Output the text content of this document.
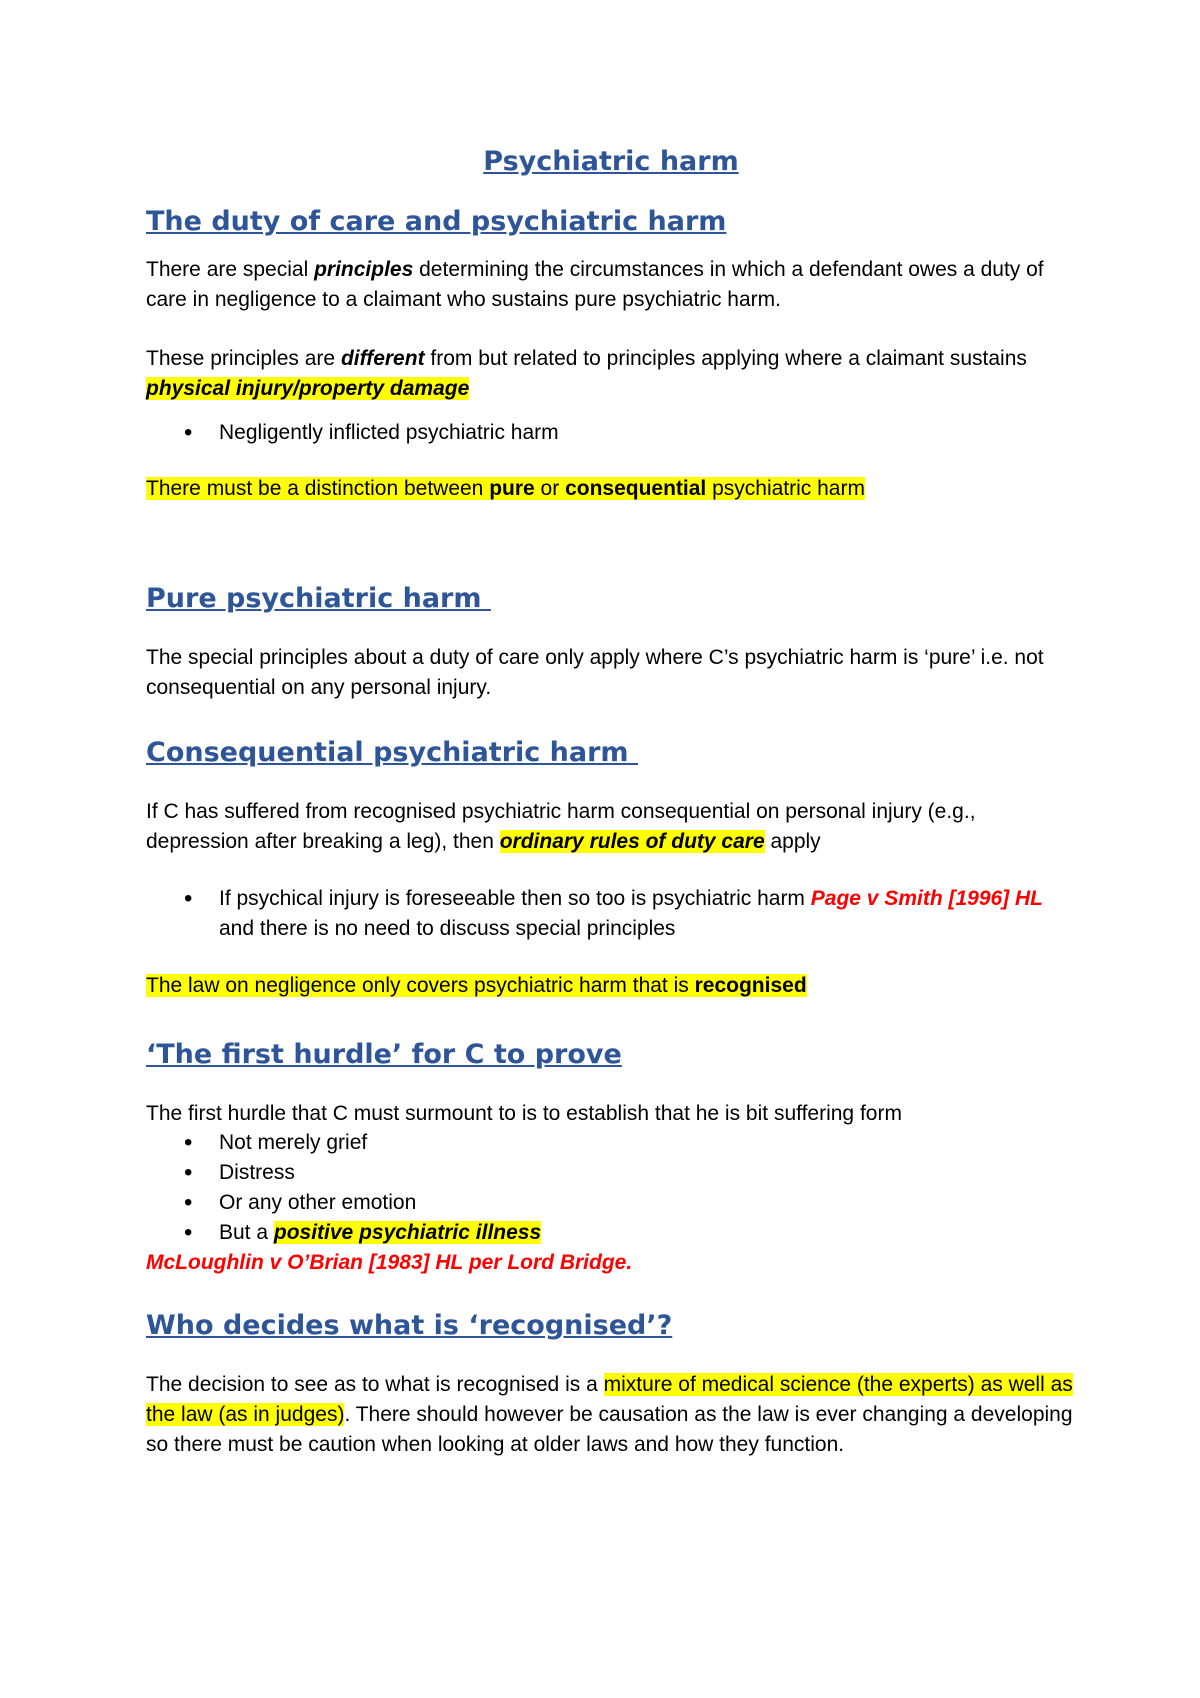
Psychiatric harm
The duty of care and psychiatric harm
There are special principles determining the circumstances in which a defendant owes a duty of care in negligence to a claimant who sustains pure psychiatric harm.
These principles are different from but related to principles applying where a claimant sustains physical injury/property damage
• Negligently inflicted psychiatric harm
There must be a distinction between pure or consequential psychiatric harm
Pure psychiatric harm
The special principles about a duty of care only apply where C’s psychiatric harm is ‘pure’ i.e. not consequential on any personal injury.
Consequential psychiatric harm
If C has suffered from recognised psychiatric harm consequential on personal injury (e.g., depression after breaking a leg), then ordinary rules of duty care apply
• If psychical injury is foreseeable then so too is psychiatric harm Page v Smith [1996] HL and there is no need to discuss special principles
The law on negligence only covers psychiatric harm that is recognised
‘The first hurdle’ for C to prove
The first hurdle that C must surmount to is to establish that he is bit suffering form
• Not merely grief
• Distress
• Or any other emotion
• But a positive psychiatric illness
McLoughlin v O’Brian [1983] HL per Lord Bridge.
Who decides what is ‘recognised’?
The decision to see as to what is recognised is a mixture of medical science (the experts) as well as the law (as in judges). There should however be causation as the law is ever changing a developing so there must be caution when looking at older laws and how they function.
